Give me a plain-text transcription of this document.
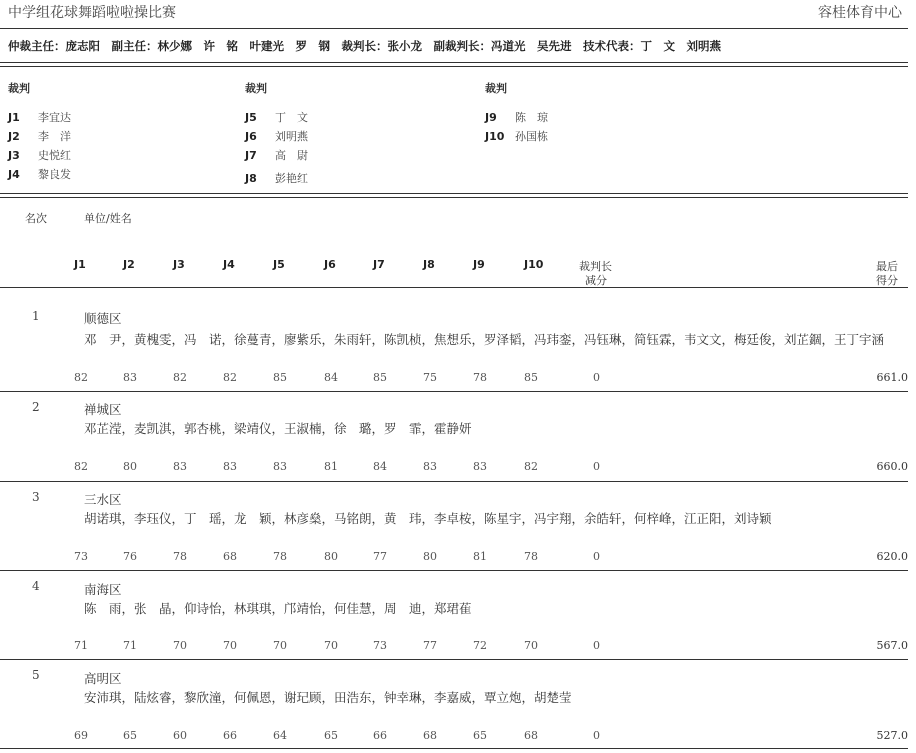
中学组花球舞蹈啦啦操比赛	容桂体育中心
仲裁主任：庞志阳　副主任：林少娜　许　铭　叶建光　罗　钢　裁判长：张小龙　副裁判长：冯道光　吴先进　技术代表：丁　文　刘明燕
裁判	裁判	裁判
J1 李宜达
J2 李　洋
J3 史悦红
J4 黎良发
J5 丁　文
J6 刘明燕
J7 高　尉
J8 彭艳红
J9 陈　琼
J10 孙国栋
名次	单位/姓名
J1	J2	J3	J4	J5	J6	J7	J8	J9	J10	裁判长
减分
最后
得分
1	顺德区
邓　尹，黄槐雯，冯　诺，徐蔓青，廖紫乐，朱雨轩，陈凯桢，焦想乐，罗泽韬，冯玮銮，冯钰琳，简钰霖，韦文文，梅廷俊，刘芷錮，王丁宇涵
82	83	82	82	85	84	85	75	78	85	0	661.0
2	禅城区
邓芷滢，麦凯淇，郭杏桃，梁靖仪，王淑楠，徐　璐，罗　霏，霍静妍
82	80	83	83	83	81	84	83	83	82	0	660.0
3	三水区
胡诺琪，李珏仪，丁　瑶，龙　颖，林彦燊，马铭朗，黄　玮，李卓桉，陈星宇，冯宇翔，余皓轩，何梓峰，江正阳，刘诗颖
73	76	78	68	78	80	77	80	81	78	0	620.0
4	南海区
陈　雨，张　晶，仰诗怡，林琪琪，邝靖怡，何佳慧，周　迪，郑珺萑
71	71	70	70	70	70	73	77	72	70	0	567.0
5	高明区
安沛琪，陆炫睿，黎欣潼，何佩恩，谢玘顾，田浩东，钟幸琳，李嘉威，覃立炮，胡楚莹
69	65	60	66	64	65	66	68	65	68	0	527.0
